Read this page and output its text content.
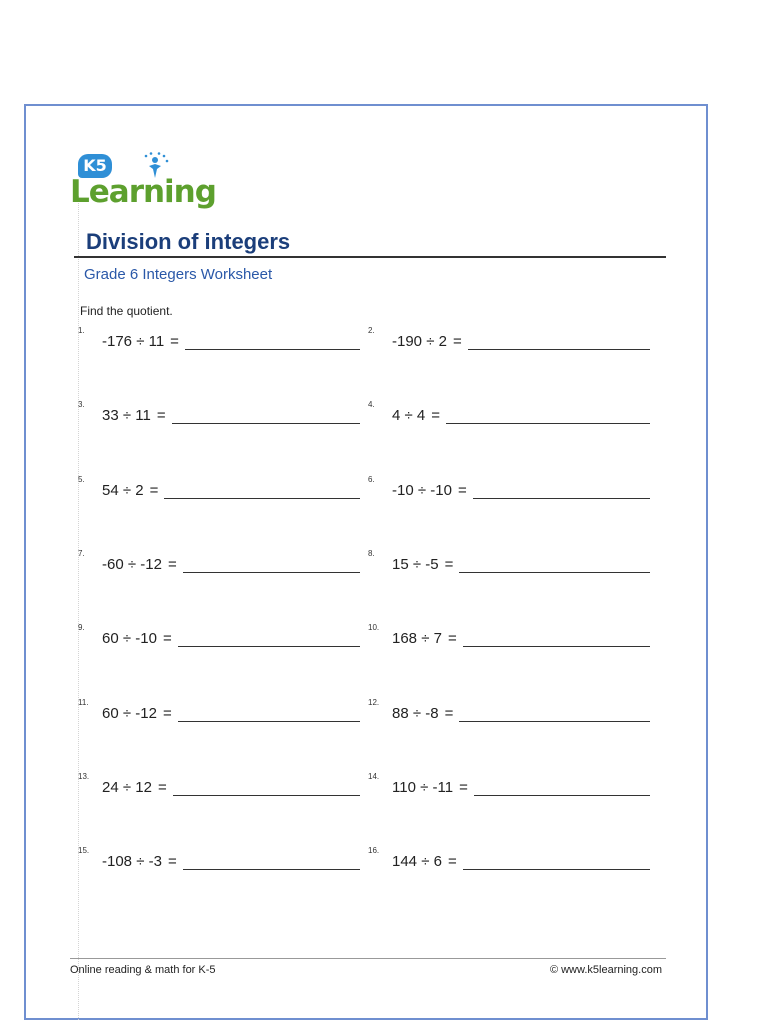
K5
Learning
Division of integers
Grade 6 Integers Worksheet
Find the quotient.
1.
-176 ÷ 11 =
2.
-190 ÷ 2 =
3.
33 ÷ 11 =
4.
4 ÷ 4 =
5.
54 ÷ 2 =
6.
-10 ÷ -10 =
7.
-60 ÷ -12 =
8.
15 ÷ -5 =
9.
60 ÷ -10 =
10.
168 ÷ 7 =
11.
60 ÷ -12 =
12.
88 ÷ -8 =
13.
24 ÷ 12 =
14.
110 ÷ -11 =
15.
-108 ÷ -3 =
16.
144 ÷ 6 =
Online reading & math for K-5	© www.k5learning.com
